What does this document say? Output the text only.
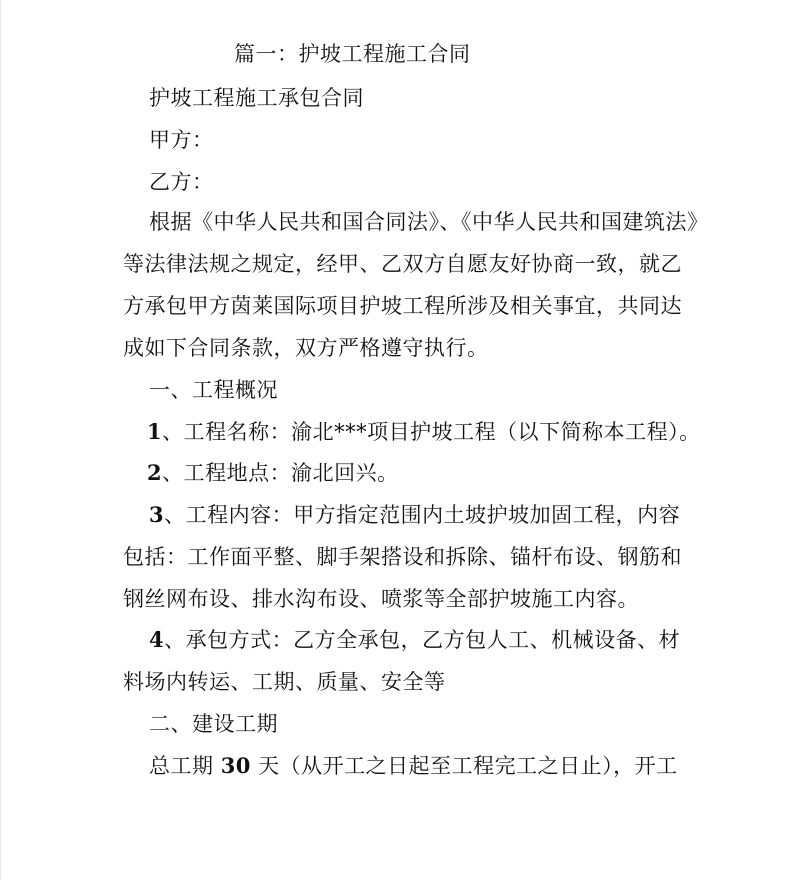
篇一：护坡工程施工合同
护坡工程施工承包合同
甲方：
乙方：
根据《中华人民共和国合同法》、《中华人民共和国建筑法》
等法律法规之规定，经甲、乙双方自愿友好协商一致，就乙
方承包甲方茵莱国际项目护坡工程所涉及相关事宜，共同达
成如下合同条款，双方严格遵守执行。
一、工程概况
1、工程名称：渝北***项目护坡工程（以下简称本工程）。
2、工程地点：渝北回兴。
3、工程内容：甲方指定范围内土坡护坡加固工程，内容
包括：工作面平整、脚手架搭设和拆除、锚杆布设、钢筋和
钢丝网布设、排水沟布设、喷浆等全部护坡施工内容。
4、承包方式：乙方全承包，乙方包人工、机械设备、材
料场内转运、工期、质量、安全等
二、建设工期
总工期 30 天（从开工之日起至工程完工之日止），开工
